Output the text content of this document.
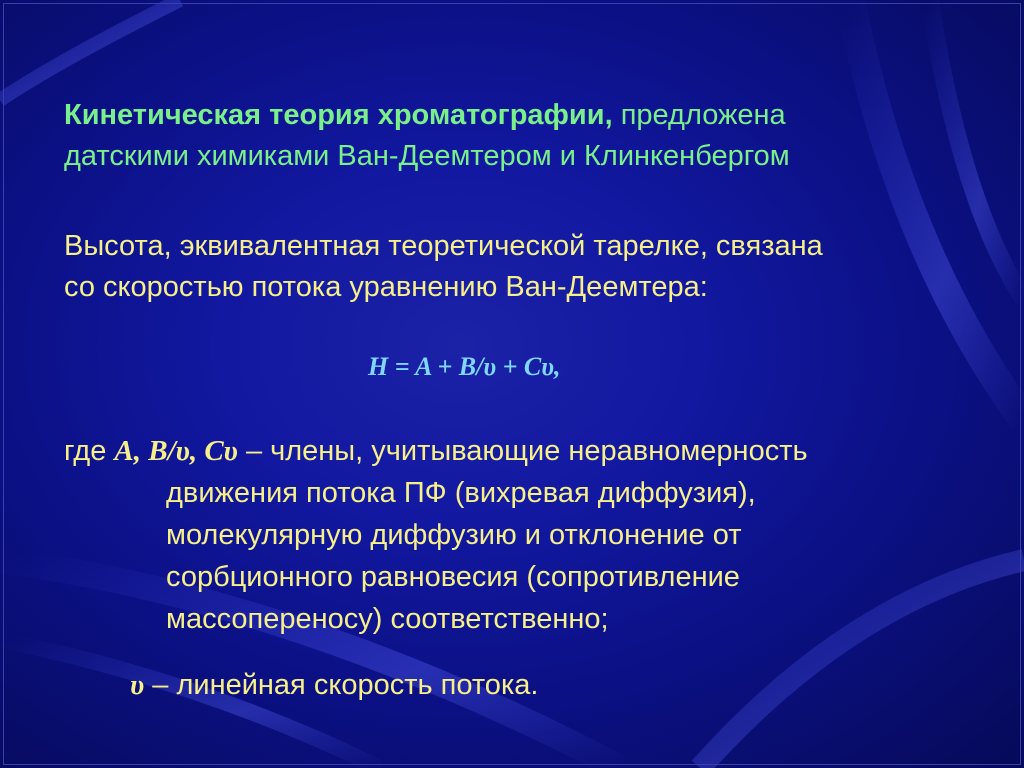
Кинетическая теория хроматографии, предложена
датскими химиками Ван-Деемтером и Клинкенбергом
Высота, эквивалентная теоретической тарелке, связана
со скоростью потока уравнению Ван-Деемтера:
H = A + B/υ + Cυ,
где A, B/υ, Cυ – члены, учитывающие неравномерность
движения потока ПФ (вихревая диффузия),
молекулярную диффузию и отклонение от
сорбционного равновесия (сопротивление
массопереносу) соответственно;
υ – линейная скорость потока.
